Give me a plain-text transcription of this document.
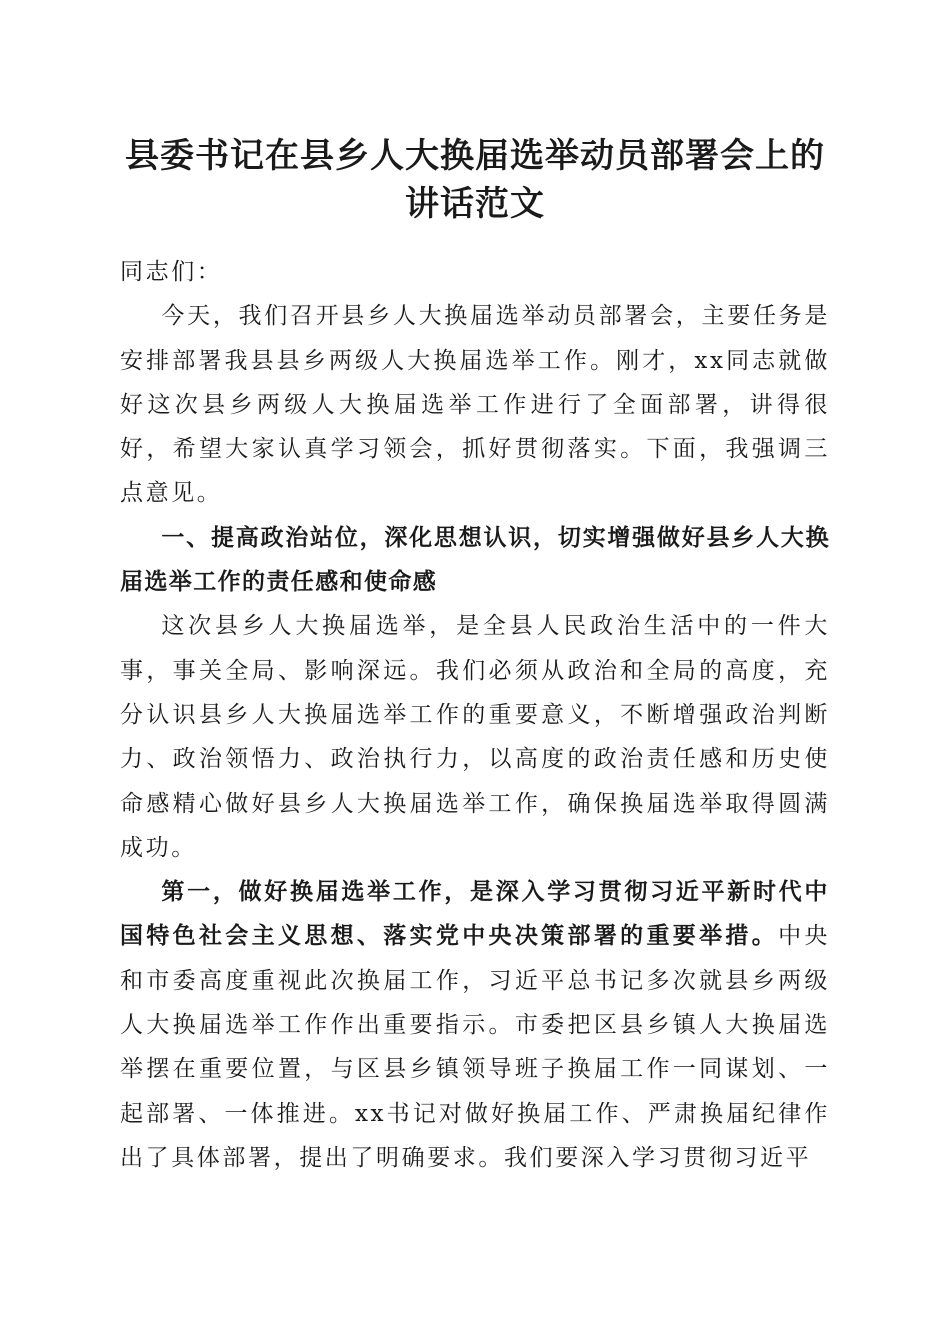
县委书记在县乡人大换届选举动员部署会上的
讲话范文

同志们：

今天，我们召开县乡人大换届选举动员部署会，主要任务是安排部署我县县乡两级人大换届选举工作。刚才，xx同志就做好这次县乡两级人大换届选举工作进行了全面部署，讲得很好，希望大家认真学习领会，抓好贯彻落实。下面，我强调三点意见。

一、提高政治站位，深化思想认识，切实增强做好县乡人大换届选举工作的责任感和使命感

这次县乡人大换届选举，是全县人民政治生活中的一件大事，事关全局、影响深远。我们必须从政治和全局的高度，充分认识县乡人大换届选举工作的重要意义，不断增强政治判断力、政治领悟力、政治执行力，以高度的政治责任感和历史使命感精心做好县乡人大换届选举工作，确保换届选举取得圆满成功。

第一，做好换届选举工作，是深入学习贯彻习近平新时代中国特色社会主义思想、落实党中央决策部署的重要举措。中央和市委高度重视此次换届工作，习近平总书记多次就县乡两级人大换届选举工作作出重要指示。市委把区县乡镇人大换届选举摆在重要位置，与区县乡镇领导班子换届工作一同谋划、一起部署、一体推进。xx书记对做好换届工作、严肃换届纪律作出了具体部署，提出了明确要求。我们要深入学习贯彻习近平
